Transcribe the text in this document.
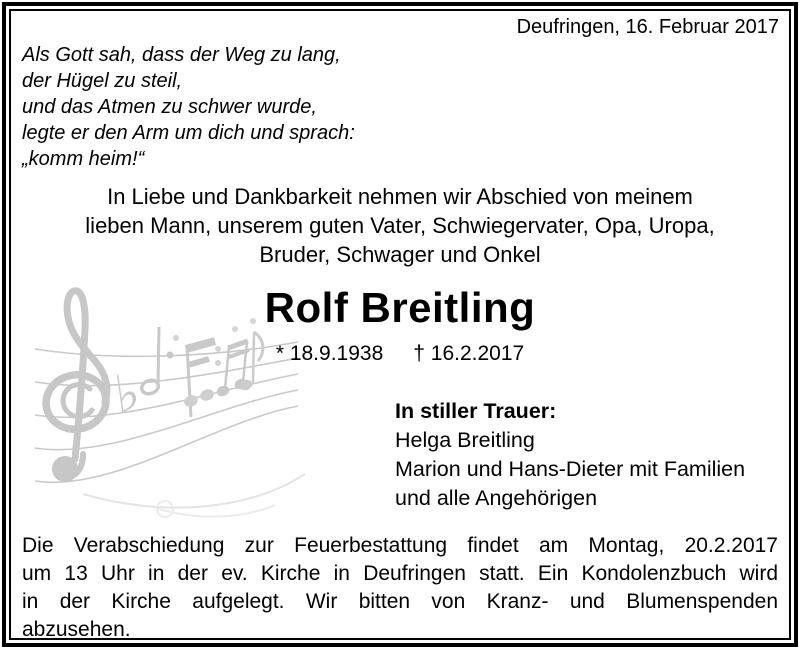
Deufringen, 16. Februar 2017
Als Gott sah, dass der Weg zu lang,
der Hügel zu steil,
und das Atmen zu schwer wurde,
legte er den Arm um dich und sprach:
„komm heim!“
In Liebe und Dankbarkeit nehmen wir Abschied von meinem
lieben Mann, unserem guten Vater, Schwiegervater, Opa, Uropa,
Bruder, Schwager und Onkel
♭
Rolf Breitling
* 18.9.1938 † 16.2.2017
In stiller Trauer:
Helga Breitling
Marion und Hans-Dieter mit Familien
und alle Angehörigen
Die Verabschiedung zur Feuerbestattung findet am Montag, 20.2.2017
um 13 Uhr in der ev. Kirche in Deufringen statt. Ein Kondolenzbuch wird
in der Kirche aufgelegt. Wir bitten von Kranz- und Blumenspenden
abzusehen.
